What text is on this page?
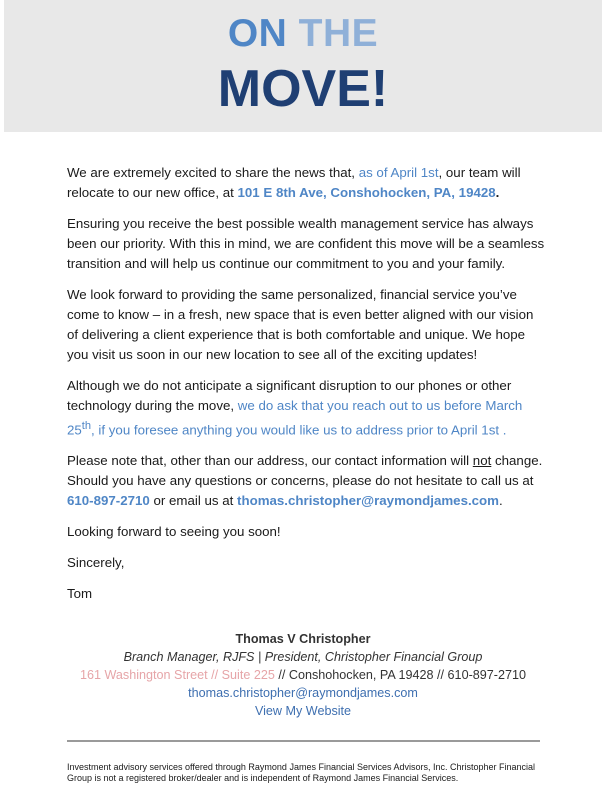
ON THE
MOVE!

We are extremely excited to share the news that, as of April 1st, our team will relocate to our new office, at 101 E 8th Ave, Conshohocken, PA, 19428.

Ensuring you receive the best possible wealth management service has always been our priority. With this in mind, we are confident this move will be a seamless transition and will help us continue our commitment to you and your family.

We look forward to providing the same personalized, financial service you’ve come to know – in a fresh, new space that is even better aligned with our vision of delivering a client experience that is both comfortable and unique. We hope you visit us soon in our new location to see all of the exciting updates!

Although we do not anticipate a significant disruption to our phones or other technology during the move, we do ask that you reach out to us before March 25th, if you foresee anything you would like us to address prior to April 1st .

Please note that, other than our address, our contact information will not change. Should you have any questions or concerns, please do not hesitate to call us at 610-897-2710 or email us at thomas.christopher@raymondjames.com.

Looking forward to seeing you soon!

Sincerely,

Tom

Thomas V Christopher
Branch Manager, RJFS | President, Christopher Financial Group
161 Washington Street // Suite 225 // Conshohocken, PA 19428 // 610-897-2710
thomas.christopher@raymondjames.com
View My Website
Investment advisory services offered through Raymond James Financial Services Advisors, Inc. Christopher Financial Group is not a registered broker/dealer and is independent of Raymond James Financial Services.
